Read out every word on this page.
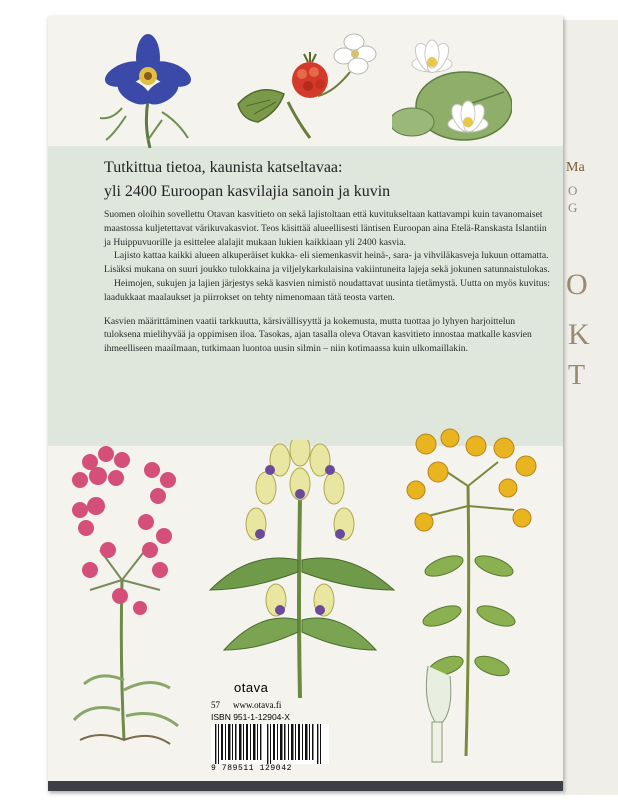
Ma
O
G
O
K
T
Tutkittua tietoa, kaunista katseltavaa:
yli 2400 Euroopan kasvilajia sanoin ja kuvin

Suomen oloihin sovellettu Otavan kasvitieto on sekä lajistoltaan että kuvitukseltaan kattavampi kuin tavanomaiset maastossa kuljetettavat värikuvakasviot. Teos käsittää alueellisesti läntisen Euroopan aina Etelä-Ranskasta Islantiin ja Huippuvuorille ja esittelee alalajit mukaan lukien kaikkiaan yli 2400 kasvia.

Lajisto kattaa kaikki alueen alkuperäiset kukka- eli siemenkasvit heinä-, sara- ja vihviläkasveja lukuun ottamatta. Lisäksi mukana on suuri joukko tulokkaina ja viljelykarkulaisina vakiintuneita lajeja sekä jokunen satunnaistulokas.

Heimojen, sukujen ja lajien järjestys sekä kasvien nimistö noudattavat uusinta tietämystä. Uutta on myös kuvitus: laadukkaat maalaukset ja piirrokset on tehty nimenomaan tätä teosta varten.

Kasvien määrittäminen vaatii tarkkuutta, kärsivällisyyttä ja kokemusta, mutta tuottaa jo lyhyen harjoittelun tuloksena mielihyvää ja oppimisen iloa. Tasokas, ajan tasalla oleva Otavan kasvitieto innostaa matkalle kasvien ihmeelliseen maailmaan, tutkimaan luontoa uusin silmin – niin kotimaassa kuin ulkomaillakin.

otava
57 www.otava.fi
ISBN 951-1-12904-X
9 789511 129042
